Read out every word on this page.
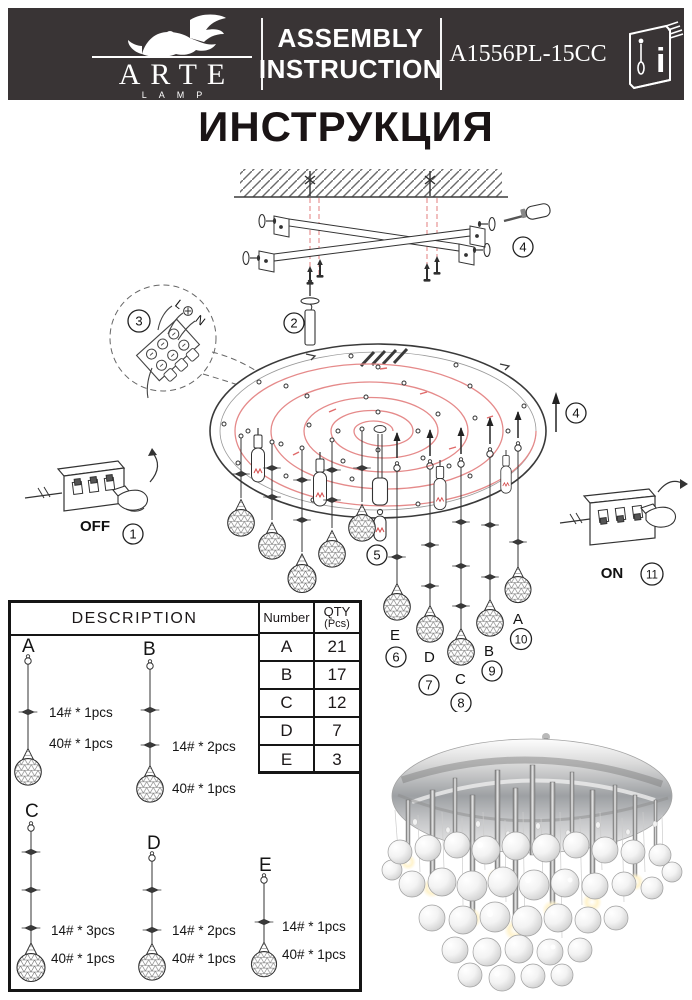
ARTE
LAMP
ASSEMBLY
INSTRUCTION
A1556PL-15CC i
ИНСТРУКЦИЯ
4
2
L
N
3
OFF 1
5
E
D
C
B
A
6
7
8
9
10
4
ON 11
DESCRIPTION	Number	QTY
(Pcs)
A	21
B	17
C	12
D	7
E	3
A	B
C
D
E
14# * 1pcs
40# * 1pcs	14# * 2pcs
40# * 1pcs
14# * 3pcs
40# * 1pcs
14# * 2pcs
40# * 1pcs
14# * 1pcs
40# * 1pcs
